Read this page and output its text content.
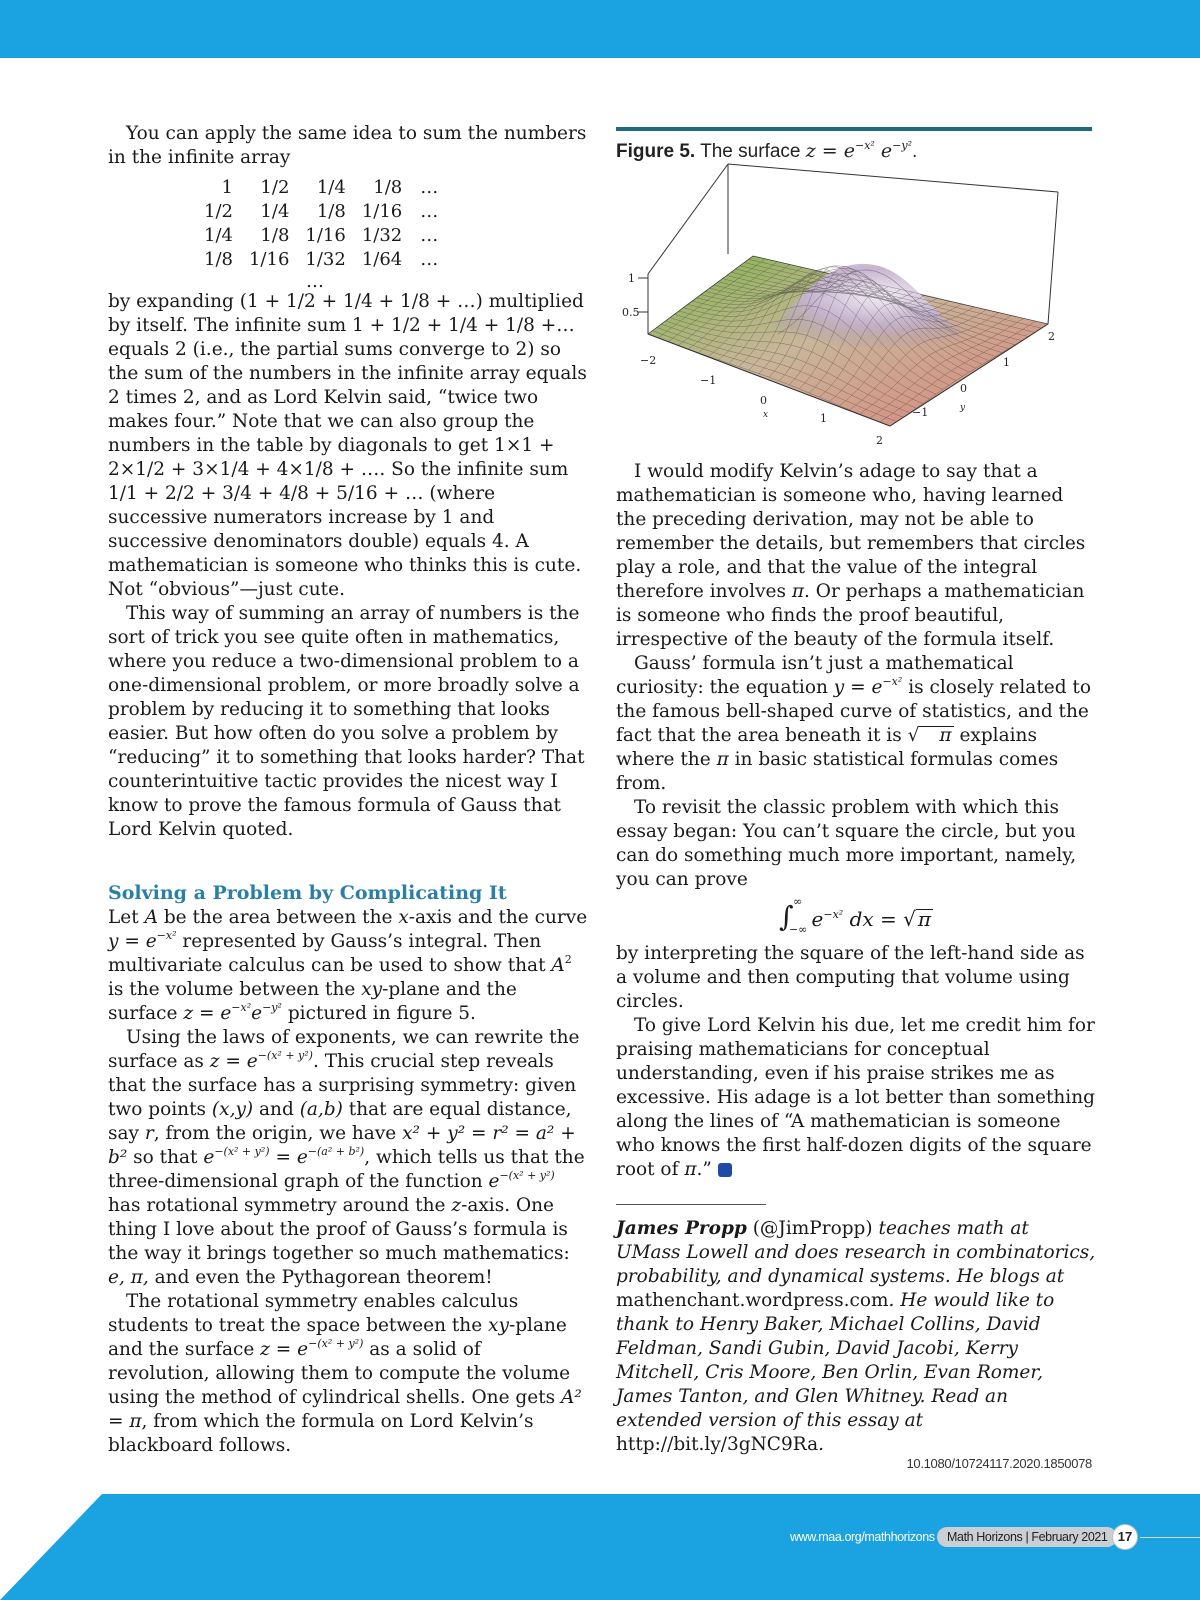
You can apply the same idea to sum the numbers in the infinite array
1	1/2	1/4	1/8	…
1/2	1/4	1/8	1/16	…
1/4	1/8	1/16	1/32	…
1/8	1/16	1/32	1/64	…
…
by expanding (1 + 1/2 + 1/4 + 1/8 + …) multiplied by itself. The infinite sum 1 + 1/2 + 1/4 + 1/8 +… equals 2 (i.e., the partial sums converge to 2) so the sum of the numbers in the infinite array equals 2 times 2, and as Lord Kelvin said, “twice two makes four.” Note that we can also group the numbers in the table by diagonals to get 1×1 + 2×1/2 + 3×1/4 + 4×1/8 + …. So the infinite sum 1/1 + 2/2 + 3/4 + 4/8 + 5/16 + … (where successive numerators increase by 1 and successive denominators double) equals 4. A mathematician is someone who thinks this is cute. Not “obvious”—just cute.
This way of summing an array of numbers is the sort of trick you see quite often in mathematics, where you reduce a two-dimensional problem to a one-dimensional problem, or more broadly solve a problem by reducing it to something that looks easier. But how often do you solve a problem by “reducing” it to something that looks harder? That counterintuitive tactic provides the nicest way I know to prove the famous formula of Gauss that Lord Kelvin quoted.
Solving a Problem by Complicating It
Let A be the area between the x-axis and the curve $y = e^{-x^2}$ represented by Gauss’s integral. Then multivariate calculus can be used to show that $A^2$ is the volume between the xy-plane and the surface $z = e^{-x^2}e^{-y^2}$ pictured in figure 5.
Using the laws of exponents, we can rewrite the surface as $z = e^{-(x^2 + y^2)}$. This crucial step reveals that the surface has a surprising symmetry: given two points (x,y) and (a,b) that are equal distance, say r, from the origin, we have x² + y² = r² = a² + b² so that $e^{-(x^2 + y^2)} = e^{-(a^2 + b^2)}$, which tells us that the three-dimensional graph of the function $e^{-(x^2 + y^2)}$ has rotational symmetry around the z-axis. One thing I love about the proof of Gauss’s formula is the way it brings together so much mathematics: e, π, and even the Pythagorean theorem!
The rotational symmetry enables calculus students to treat the space between the xy-plane and the surface $z = e^{-(x^2 + y^2)}$ as a solid of revolution, allowing them to compute the volume using the method of cylindrical shells. One gets A² = π, from which the formula on Lord Kelvin’s blackboard follows.
Figure 5. The surface $z = e^{-x^2}$ $e^{-y^2}$.
1
0.5
−2
−1
0
x	1
2
2
1
0
y
−1
I would modify Kelvin’s adage to say that a mathematician is someone who, having learned the preceding derivation, may not be able to remember the details, but remembers that circles play a role, and that the value of the integral therefore involves π. Or perhaps a mathematician is someone who finds the proof beautiful, irrespective of the beauty of the formula itself.
Gauss’ formula isn’t just a mathematical curiosity: the equation $y = e^{-x^2}$ is closely related to the famous bell-shaped curve of statistics, and the fact that the area beneath it is √ π explains where the π in basic statistical formulas comes from.
To revisit the classic problem with which this essay began: You can’t square the circle, but you can do something much more important, namely, you can prove
∫ ∞
−∞ $e^{-x^2}$ dx = √ π
by interpreting the square of the left-hand side as a volume and then computing that volume using circles.
To give Lord Kelvin his due, let me credit him for praising mathematicians for conceptual understanding, even if his praise strikes me as excessive. His adage is a lot better than something along the lines of “A mathematician is someone who knows the first half-dozen digits of the square root of π.”
James Propp (@JimPropp) teaches math at UMass Lowell and does research in combinatorics, probability, and dynamical systems. He blogs at mathenchant.wordpress.com. He would like to thank to Henry Baker, Michael Collins, David Feldman, Sandi Gubin, David Jacobi, Kerry Mitchell, Cris Moore, Ben Orlin, Evan Romer, James Tanton, and Glen Whitney. Read an extended version of this essay at http://bit.ly/3gNC9Ra.
10.1080/10724117.2020.1850078
www.maa.org/mathhorizons Math Horizons | February 2021 17
